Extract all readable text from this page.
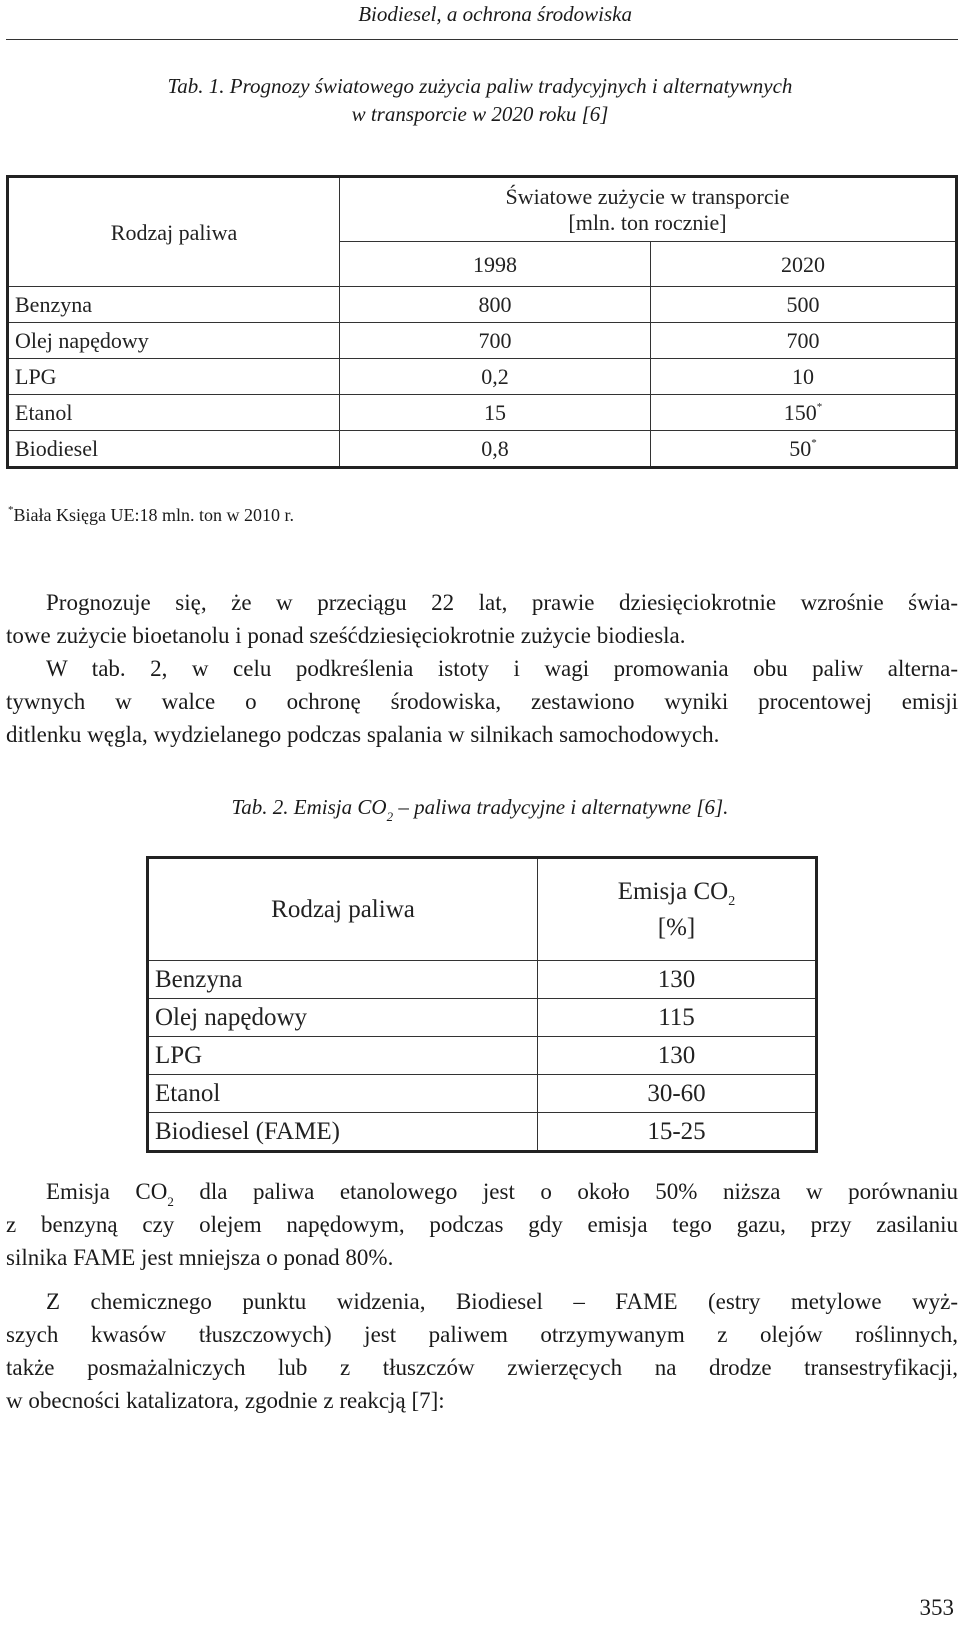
Biodiesel, a ochrona środowiska
Tab. 1. Prognozy światowego zużycia paliw tradycyjnych i alternatywnych
w transporcie w 2020 roku [6]
Rodzaj paliwa	Światowe zużycie w transporcie
[mln. ton rocznie]	

	1998	2020
Benzyna	800	500
Olej napędowy	700	700
LPG	0,2	10
Etanol	15	150*
Biodiesel	0,8	50*
*Biała Księga UE:18 mln. ton w 2010 r.
Prognozuje się, że w przeciągu 22 lat, prawie dziesięciokrotnie wzrośnie świa-
towe zużycie bioetanolu i ponad sześćdziesięciokrotnie zużycie biodiesla.
W tab. 2, w celu podkreślenia istoty i wagi promowania obu paliw alterna-
tywnych w walce o ochronę środowiska, zestawiono wyniki procentowej emisji
ditlenku węgla, wydzielanego podczas spalania w silnikach samochodowych.
Tab. 2. Emisja $CO_2$ – paliwa tradycyjne i alternatywne [6].
Rodzaj paliwa	Emisja $CO_2$
[%]

Benzyna	130
Olej napędowy	115
LPG	130
Etanol	30-60
Biodiesel (FAME)	15-25
Emisja $CO_2$ dla paliwa etanolowego jest o około 50% niższa w porównaniu
z benzyną czy olejem napędowym, podczas gdy emisja tego gazu, przy zasilaniu
silnika FAME jest mniejsza o ponad 80%.
Z chemicznego punktu widzenia, Biodiesel – FAME (estry metylowe wyż-
szych kwasów tłuszczowych) jest paliwem otrzymywanym z olejów roślinnych,
także posmażalniczych lub z tłuszczów zwierzęcych na drodze transestryfikacji,
w obecności katalizatora, zgodnie z reakcją [7]:
353
